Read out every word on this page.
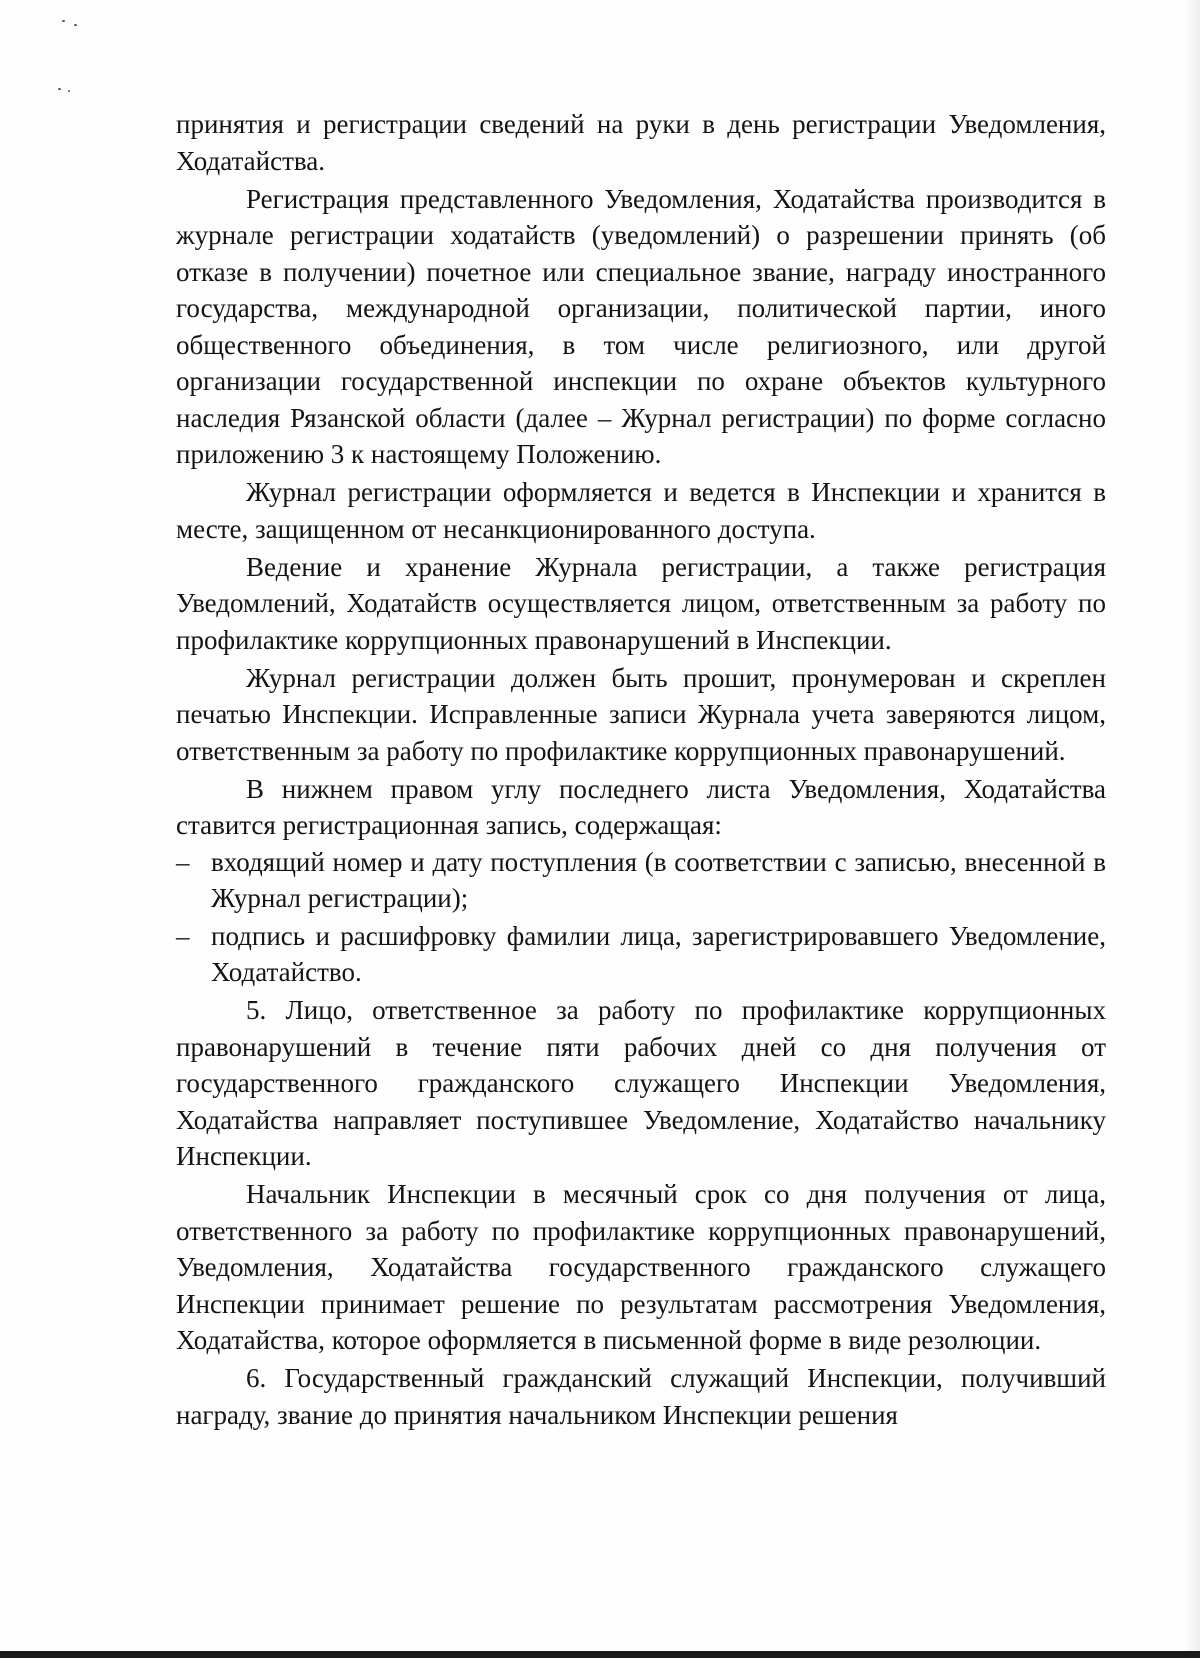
принятия и регистрации сведений на руки в день регистрации Уведомления, Ходатайства.

Регистрация представленного Уведомления, Ходатайства производится в журнале регистрации ходатайств (уведомлений) о разрешении принять (об отказе в получении) почетное или специальное звание, награду иностранного государства, международной организации, политической партии, иного общественного объединения, в том числе религиозного, или другой организации государственной инспекции по охране объектов культурного наследия Рязанской области (далее – Журнал регистрации) по форме согласно приложению 3 к настоящему Положению.

Журнал регистрации оформляется и ведется в Инспекции и хранится в месте, защищенном от несанкционированного доступа.

Ведение и хранение Журнала регистрации, а также регистрация Уведомлений, Ходатайств осуществляется лицом, ответственным за работу по профилактике коррупционных правонарушений в Инспекции.

Журнал регистрации должен быть прошит, пронумерован и скреплен печатью Инспекции. Исправленные записи Журнала учета заверяются лицом, ответственным за работу по профилактике коррупционных правонарушений.

В нижнем правом углу последнего листа Уведомления, Ходатайства ставится регистрационная запись, содержащая:

– входящий номер и дату поступления (в соответствии с записью, внесенной в Журнал регистрации);
– подпись и расшифровку фамилии лица, зарегистрировавшего Уведомление, Ходатайство.

5. Лицо, ответственное за работу по профилактике коррупционных правонарушений в течение пяти рабочих дней со дня получения от государственного гражданского служащего Инспекции Уведомления, Ходатайства направляет поступившее Уведомление, Ходатайство начальнику Инспекции.

Начальник Инспекции в месячный срок со дня получения от лица, ответственного за работу по профилактике коррупционных правонарушений, Уведомления, Ходатайства государственного гражданского служащего Инспекции принимает решение по результатам рассмотрения Уведомления, Ходатайства, которое оформляется в письменной форме в виде резолюции.

6. Государственный гражданский служащий Инспекции, получивший награду, звание до принятия начальником Инспекции решения
